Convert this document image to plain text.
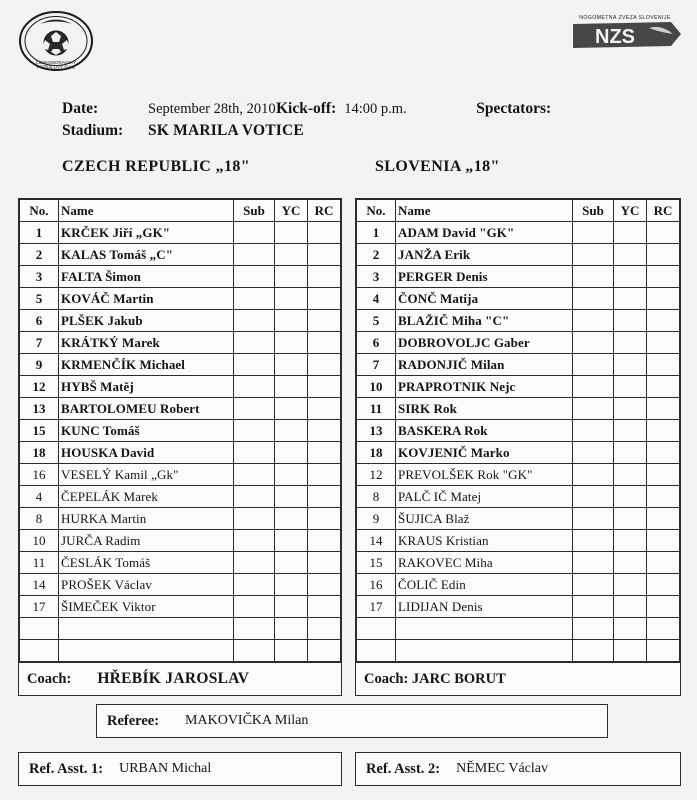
ČESKOMORAVSKÝ
FOTBALOVÝ SVAZ
NOGOMETNA ZVEZA SLOVENIJE
NZS
Date:	September 28th, 2010 Kick-off: 14:00 p.m.	Spectators:
Stadium:	SK MARILA VOTICE
CZECH REPUBLIC „18"	SLOVENIA „18"
No.	Name	Sub	YC	RC
1	KRČEK Jiří „GK"			
2	KALAS Tomáš „C"			
3	FALTA Šimon			
5	KOVÁČ Martin			
6	PLŠEK Jakub			
7	KRÁTKÝ Marek			
9	KRMENČÍK Michael			
12	HYBŠ Matěj			
13	BARTOLOMEU Robert			
15	KUNC Tomáš			
18	HOUSKA David			
16	VESELÝ Kamil „Gk"			
4	ČEPELÁK Marek			
8	HURKA Martin			
10	JURČA Radim			
11	ČESLÁK Tomáš			
14	PROŠEK Václav			
17	ŠIMEČEK Viktor			

Coach: HŘEBÍK JAROSLAV
No.	Name	Sub	YC	RC
1	ADAM David "GK"			
2	JANŽA Erik			
3	PERGER Denis			
4	ČONČ Matija			
5	BLAŽIČ Miha "C"			
6	DOBROVOLJC Gaber			
7	RADONJIČ Milan			
10	PRAPROTNIK Nejc			
11	SIRK Rok			
13	BASKERA Rok			
18	KOVJENIČ Marko			
12	PREVOLŠEK Rok "GK"			
8	PALČ IČ Matej			
9	ŠUJICA Blaž			
14	KRAUS Kristian			
15	RAKOVEC Miha			
16	ČOLIČ Edin			
17	LIDIJAN Denis			

Coach: JARC BORUT
Referee:	MAKOVIČKA Milan
Ref. Asst. 1:	URBAN Michal	Ref. Asst. 2:	NĚMEC Václav
